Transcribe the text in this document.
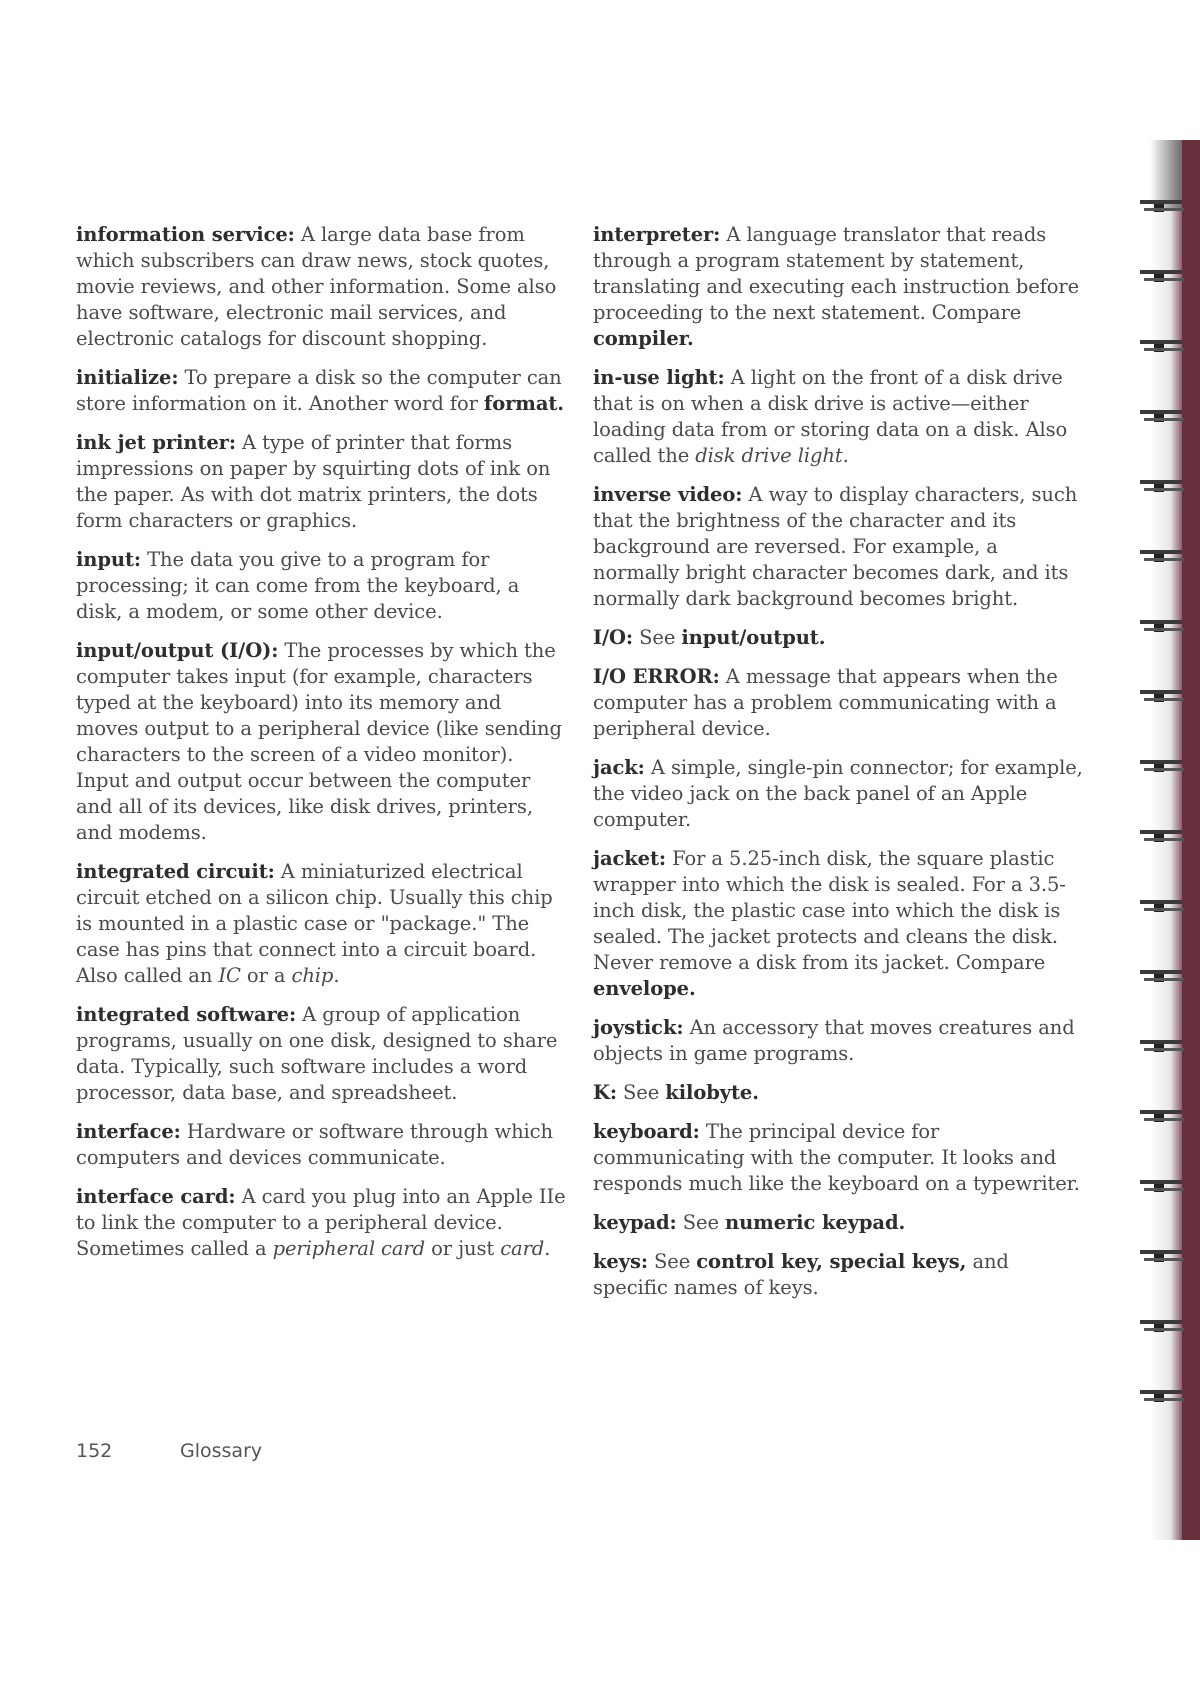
information service: A large data base from which subscribers can draw news, stock quotes, movie reviews, and other information. Some also have software, electronic mail services, and electronic catalogs for discount shopping.

initialize: To prepare a disk so the computer can store information on it. Another word for format.

ink jet printer: A type of printer that forms impressions on paper by squirting dots of ink on the paper. As with dot matrix printers, the dots form characters or graphics.

input: The data you give to a program for processing; it can come from the keyboard, a disk, a modem, or some other device.

input/output (I/O): The processes by which the computer takes input (for example, characters typed at the keyboard) into its memory and moves output to a peripheral device (like sending characters to the screen of a video monitor). Input and output occur between the computer and all of its devices, like disk drives, printers, and modems.

integrated circuit: A miniaturized electrical circuit etched on a silicon chip. Usually this chip is mounted in a plastic case or "package." The case has pins that connect into a circuit board. Also called an IC or a chip.

integrated software: A group of application programs, usually on one disk, designed to share data. Typically, such software includes a word processor, data base, and spreadsheet.

interface: Hardware or software through which computers and devices communicate.

interface card: A card you plug into an Apple IIe to link the computer to a peripheral device. Sometimes called a peripheral card or just card.

interpreter: A language translator that reads through a program statement by statement, translating and executing each instruction before proceeding to the next statement. Compare compiler.

in-use light: A light on the front of a disk drive that is on when a disk drive is active—either loading data from or storing data on a disk. Also called the disk drive light.

inverse video: A way to display characters, such that the brightness of the character and its background are reversed. For example, a normally bright character becomes dark, and its normally dark background becomes bright.

I/O: See input/output.

I/O ERROR: A message that appears when the computer has a problem communicating with a peripheral device.

jack: A simple, single-pin connector; for example, the video jack on the back panel of an Apple computer.

jacket: For a 5.25-inch disk, the square plastic wrapper into which the disk is sealed. For a 3.5-inch disk, the plastic case into which the disk is sealed. The jacket protects and cleans the disk. Never remove a disk from its jacket. Compare envelope.

joystick: An accessory that moves creatures and objects in game programs.

K: See kilobyte.

keyboard: The principal device for communicating with the computer. It looks and responds much like the keyboard on a typewriter.

keypad: See numeric keypad.

keys: See control key, special keys, and specific names of keys.

152	Glossary
